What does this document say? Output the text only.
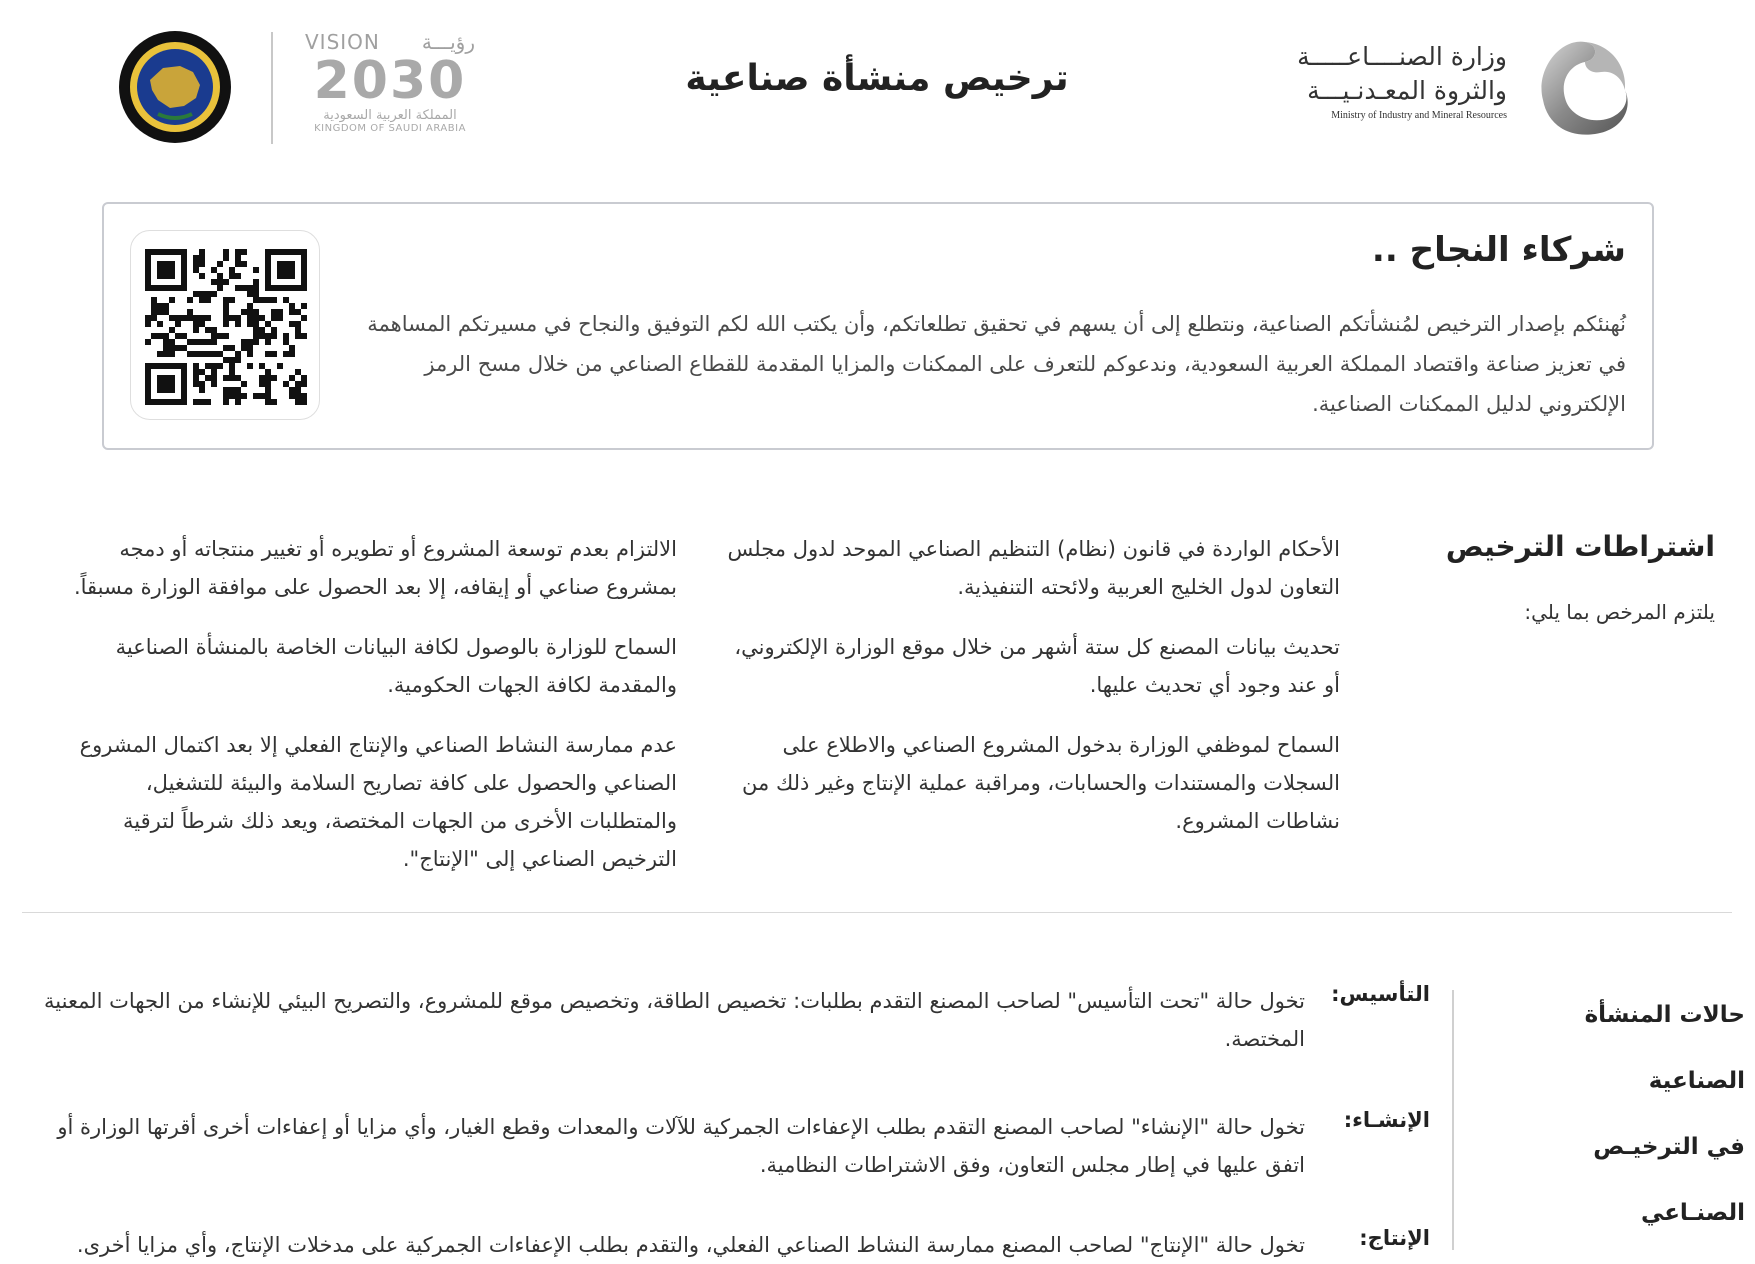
وزارة الصنــــاعـــــة
والثروة المعـدنـيـــة
Ministry of Industry and Mineral Resources
ترخيص منشأة صناعية
VISION رؤيـــة
2030
المملكة العربية السعودية
KINGDOM OF SAUDI ARABIA
شركاء النجاح ..
نُهنئكم بإصدار الترخيص لمُنشأتكم الصناعية، ونتطلع إلى أن يسهم في تحقيق تطلعاتكم، وأن يكتب الله لكم التوفيق والنجاح في مسيرتكم المساهمة في تعزيز صناعة واقتصاد المملكة العربية السعودية، وندعوكم للتعرف على الممكنات والمزايا المقدمة للقطاع الصناعي من خلال مسح الرمز الإلكتروني لدليل الممكنات الصناعية.
اشتراطات الترخيص
يلتزم المرخص بما يلي:

الأحكام الواردة في قانون (نظام) التنظيم الصناعي الموحد لدول مجلس التعاون لدول الخليج العربية ولائحته التنفيذية.

تحديث بيانات المصنع كل ستة أشهر من خلال موقع الوزارة الإلكتروني، أو عند وجود أي تحديث عليها.

السماح لموظفي الوزارة بدخول المشروع الصناعي والاطلاع على السجلات والمستندات والحسابات، ومراقبة عملية الإنتاج وغير ذلك من نشاطات المشروع.

الالتزام بعدم توسعة المشروع أو تطويره أو تغيير منتجاته أو دمجه بمشروع صناعي أو إيقافه، إلا بعد الحصول على موافقة الوزارة مسبقاً.

السماح للوزارة بالوصول لكافة البيانات الخاصة بالمنشأة الصناعية والمقدمة لكافة الجهات الحكومية.

عدم ممارسة النشاط الصناعي والإنتاج الفعلي إلا بعد اكتمال المشروع الصناعي والحصول على كافة تصاريح السلامة والبيئة للتشغيل، والمتطلبات الأخرى من الجهات المختصة، ويعد ذلك شرطاً لترقية الترخيص الصناعي إلى "الإنتاج".

حالات المنشأة الصناعية
في الترخيـص الصنـاعي
التأسيس:
تخول حالة "تحت التأسيس" لصاحب المصنع التقدم بطلبات: تخصيص الطاقة، وتخصيص موقع للمشروع، والتصريح البيئي للإنشاء من الجهات المعنية المختصة.
الإنشـاء:
تخول حالة "الإنشاء" لصاحب المصنع التقدم بطلب الإعفاءات الجمركية للآلات والمعدات وقطع الغيار، وأي مزايا أو إعفاءات أخرى أقرتها الوزارة أو اتفق عليها في إطار مجلس التعاون، وفق الاشتراطات النظامية.
الإنتاج:
تخول حالة "الإنتاج" لصاحب المصنع ممارسة النشاط الصناعي الفعلي، والتقدم بطلب الإعفاءات الجمركية على مدخلات الإنتاج، وأي مزايا أخرى.
